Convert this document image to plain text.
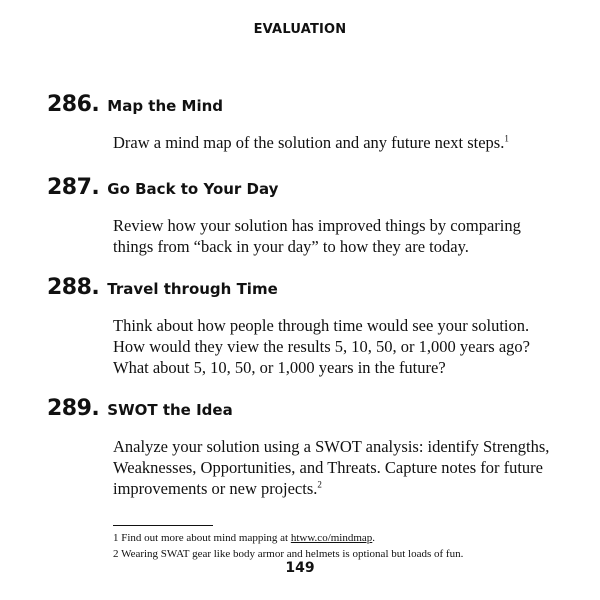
EVALUATION
286. Map the Mind
Draw a mind map of the solution and any future next steps.$^1$
287. Go Back to Your Day
Review how your solution has improved things by comparing
things from “back in your day” to how they are today.
288. Travel through Time
Think about how people through time would see your solution.
How would they view the results 5, 10, 50, or 1,000 years ago?
What about 5, 10, 50, or 1,000 years in the future?
289. SWOT the Idea
Analyze your solution using a SWOT analysis: identify Strengths,
Weaknesses, Opportunities, and Threats. Capture notes for future
improvements or new projects.$^2$
1 Find out more about mind mapping at htww.co/mindmap.
2 Wearing SWAT gear like body armor and helmets is optional but loads of fun.
149
